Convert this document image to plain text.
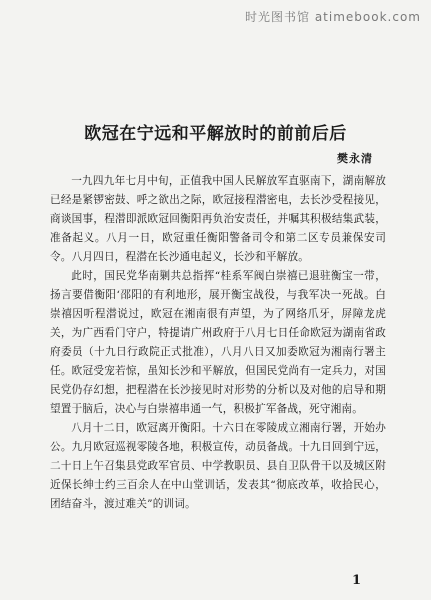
时光图书馆 atimebook.com
欧冠在宁远和平解放时的前前后后
樊永清

一九四九年七月中旬，正值我中国人民解放军直驱南下，湖南解放已经是紧锣密鼓、呼之欲出之际，欧冠接程潜密电，去长沙受程接见，商谈国事，程潜即派欧冠回衡阳再负治安责任，并嘱其积极结集武装，准备起义。八月一日，欧冠重任衡阳警备司令和第二区专员兼保安司令。八月四日，程潜在长沙通电起义，长沙和平解放。

此时，国民党华南剿共总指挥“桂系军阀白崇禧已退驻衡宝一带，扬言要借衡阳‘邵阳的有利地形，展开衡宝战役，与我军决一死战。白崇禧因听程潜说过，欧冠在湘南很有声望，为了网络爪牙，屏障龙虎关，为广西看门守户，特提请广州政府于八月七日任命欧冠为湖南省政府委员（十九日行政院正式批准），八月八日又加委欧冠为湘南行署主任。欧冠受宠若惊，虽知长沙和平解放，但国民党尚有一定兵力，对国民党仍存幻想，把程潜在长沙接见时对形势的分析以及对他的启导和期望置于脑后，决心与白崇禧串通一气，积极扩军备战，死守湘南。

八月十二日，欧冠离开衡阳。十六日在零陵成立湘南行署，开始办公。九月欧冠巡视零陵各地，积极宣传，动员备战。十九日回到宁远，二十日上午召集县党政军官员、中学教职员、县自卫队骨干以及城区附近保长绅士约三百余人在中山堂训话，发表其“彻底改革，收拾民心，团结奋斗，渡过难关”的训词。

1
